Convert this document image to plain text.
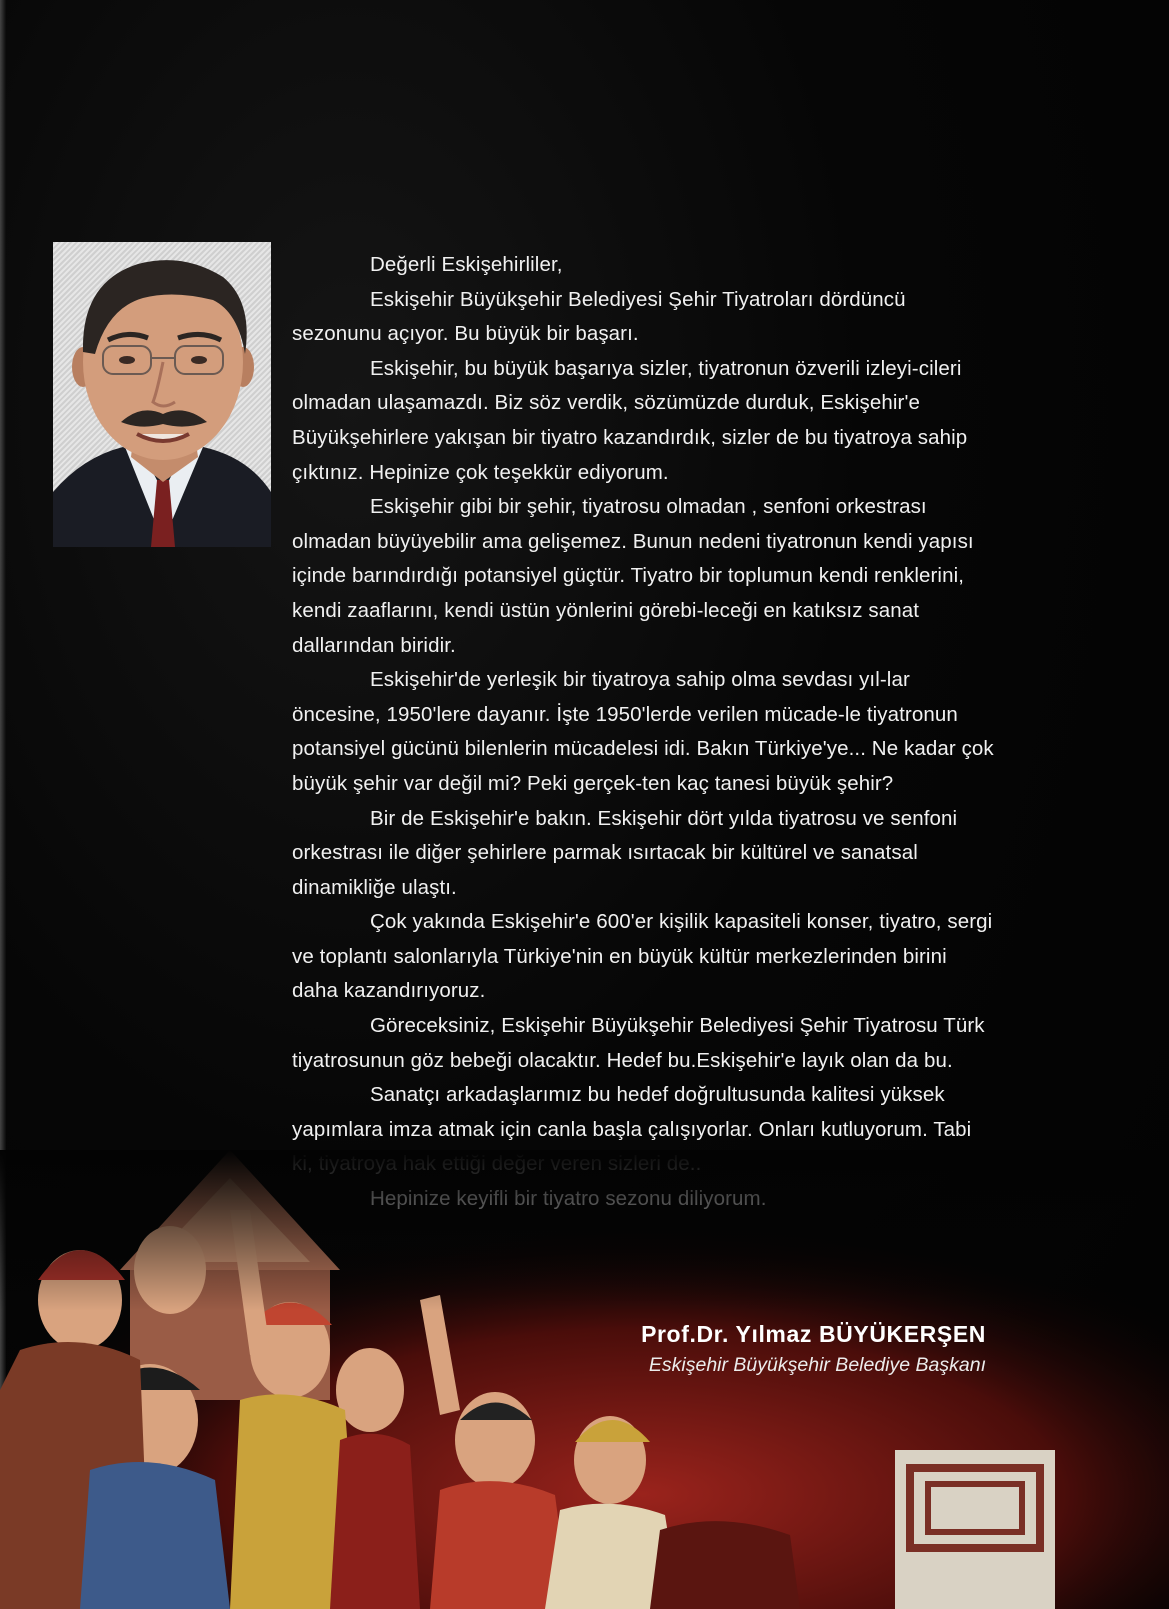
Değerli Eskişehirliler,

Eskişehir Büyükşehir Belediyesi Şehir Tiyatroları dördüncü sezonunu açıyor. Bu büyük bir başarı.

Eskişehir, bu büyük başarıya sizler, tiyatronun özverili izleyi-cileri olmadan ulaşamazdı. Biz söz verdik, sözümüzde durduk, Eskişehir'e Büyükşehirlere yakışan bir tiyatro kazandırdık, sizler de bu tiyatroya sahip çıktınız. Hepinize çok teşekkür ediyorum.

Eskişehir gibi bir şehir, tiyatrosu olmadan , senfoni orkestrası olmadan büyüyebilir ama gelişemez. Bunun nedeni tiyatronun kendi yapısı içinde barındırdığı potansiyel güçtür. Tiyatro bir toplumun kendi renklerini, kendi zaaflarını, kendi üstün yönlerini görebi-leceği en katıksız sanat dallarından biridir.

Eskişehir'de yerleşik bir tiyatroya sahip olma sevdası yıl-lar öncesine, 1950'lere dayanır. İşte 1950'lerde verilen mücade-le tiyatronun potansiyel gücünü bilenlerin mücadelesi idi. Bakın Türkiye'ye... Ne kadar çok büyük şehir var değil mi? Peki gerçek-ten kaç tanesi büyük şehir?

Bir de Eskişehir'e bakın. Eskişehir dört yılda tiyatrosu ve senfoni orkestrası ile diğer şehirlere parmak ısırtacak bir kültürel ve sanatsal dinamikliğe ulaştı.

Çok yakında Eskişehir'e 600'er kişilik kapasiteli konser, tiyatro, sergi ve toplantı salonlarıyla Türkiye'nin en büyük kültür merkezlerinden birini daha kazandırıyoruz.

Göreceksiniz, Eskişehir Büyükşehir Belediyesi Şehir Tiyatrosu Türk tiyatrosunun göz bebeği olacaktır. Hedef bu.Eskişehir'e layık olan da bu.

Sanatçı arkadaşlarımız bu hedef doğrultusunda kalitesi yüksek yapımlara imza atmak için canla başla çalışıyorlar. Onları kutluyorum. Tabi

Prof.Dr. Yılmaz BÜYÜKERŞEN
Eskişehir Büyükşehir Belediye Başkanı
